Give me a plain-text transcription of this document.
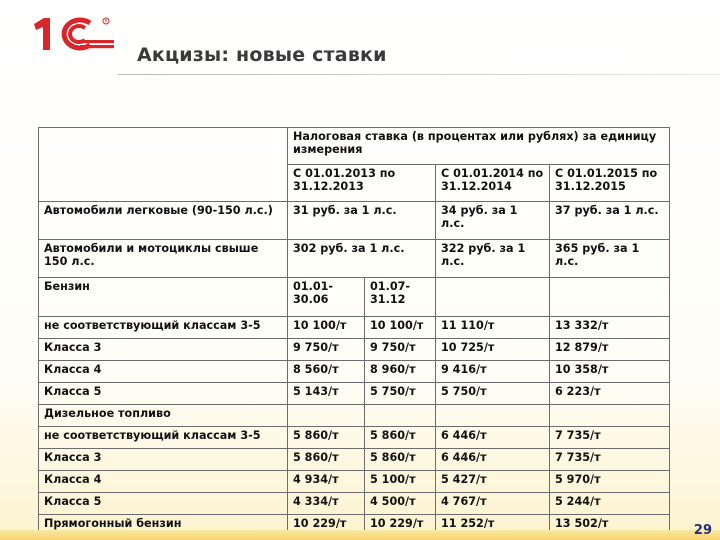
R
Акцизы: новые ставки
	Налоговая ставка (в процентах или рублях) за единицу измерения			
	С 01.01.2013 по 31.12.2013		С 01.01.2014 по 31.12.2014	С 01.01.2015 по 31.12.2015
Автомобили легковые (90-150 л.с.)	31 руб. за 1 л.с.		34 руб. за 1 л.с.	37 руб. за 1 л.с.
Автомобили и мотоциклы свыше 150 л.с.	302 руб. за 1 л.с.		322 руб. за 1 л.с.	365 руб. за 1 л.с.
Бензин	01.01-30.06	01.07-31.12		
не соответствующий классам 3-5	10 100/т	10 100/т	11 110/т	13 332/т
Класса 3	9 750/т	9 750/т	10 725/т	12 879/т
Класса 4	8 560/т	8 960/т	9 416/т	10 358/т
Класса 5	5 143/т	5 750/т	5 750/т	6 223/т
Дизельное топливо				
не соответствующий классам 3-5	5 860/т	5 860/т	6 446/т	7 735/т
Класса 3	5 860/т	5 860/т	6 446/т	7 735/т
Класса 4	4 934/т	5 100/т	5 427/т	5 970/т
Класса 5	4 334/т	4 500/т	4 767/т	5 244/т
Прямогонный бензин	10 229/т	10 229/т	11 252/т	13 502/т	29
